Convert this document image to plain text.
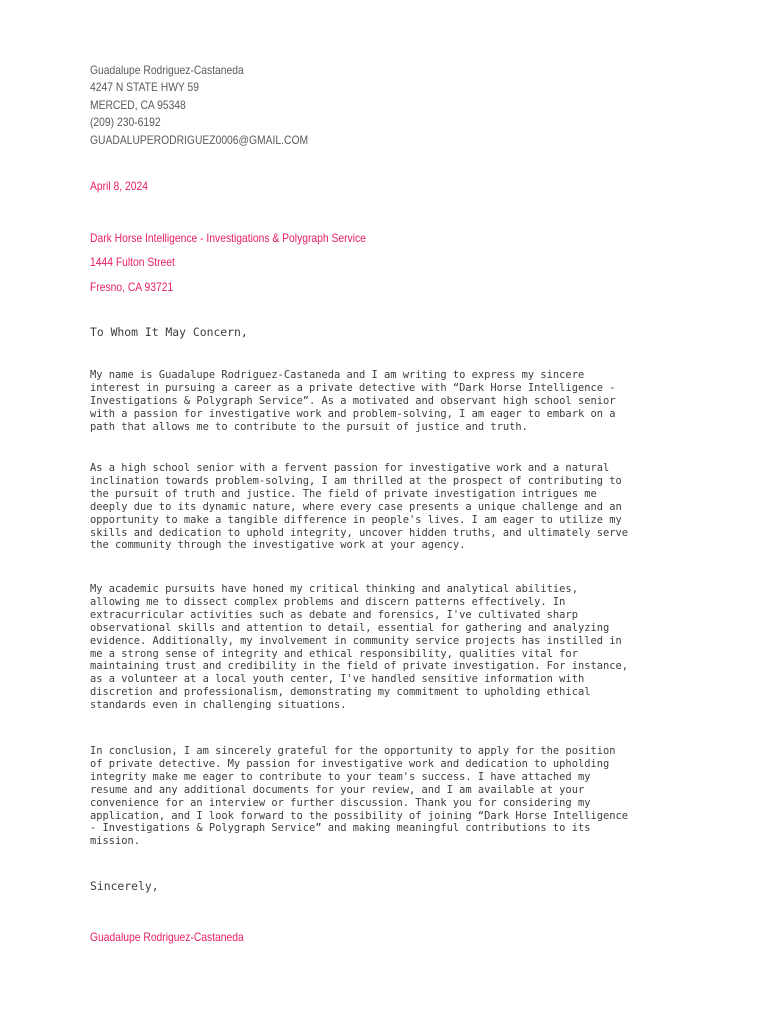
Guadalupe Rodriguez-Castaneda
4247 N STATE HWY 59
MERCED, CA 95348
(209) 230-6192
GUADALUPERODRIGUEZ0006@GMAIL.COM
April 8, 2024
Dark Horse Intelligence - Investigations & Polygraph Service
1444 Fulton Street
Fresno, CA 93721
To Whom It May Concern,
My name is Guadalupe Rodriguez-Castaneda and I am writing to express my sincere
interest in pursuing a career as a private detective with “Dark Horse Intelligence -
Investigations & Polygraph Service”. As a motivated and observant high school senior
with a passion for investigative work and problem-solving, I am eager to embark on a
path that allows me to contribute to the pursuit of justice and truth.
As a high school senior with a fervent passion for investigative work and a natural
inclination towards problem-solving, I am thrilled at the prospect of contributing to
the pursuit of truth and justice. The field of private investigation intrigues me
deeply due to its dynamic nature, where every case presents a unique challenge and an
opportunity to make a tangible difference in people's lives. I am eager to utilize my
skills and dedication to uphold integrity, uncover hidden truths, and ultimately serve
the community through the investigative work at your agency.
My academic pursuits have honed my critical thinking and analytical abilities,
allowing me to dissect complex problems and discern patterns effectively. In
extracurricular activities such as debate and forensics, I've cultivated sharp
observational skills and attention to detail, essential for gathering and analyzing
evidence. Additionally, my involvement in community service projects has instilled in
me a strong sense of integrity and ethical responsibility, qualities vital for
maintaining trust and credibility in the field of private investigation. For instance,
as a volunteer at a local youth center, I've handled sensitive information with
discretion and professionalism, demonstrating my commitment to upholding ethical
standards even in challenging situations.
In conclusion, I am sincerely grateful for the opportunity to apply for the position
of private detective. My passion for investigative work and dedication to upholding
integrity make me eager to contribute to your team's success. I have attached my
resume and any additional documents for your review, and I am available at your
convenience for an interview or further discussion. Thank you for considering my
application, and I look forward to the possibility of joining “Dark Horse Intelligence
- Investigations & Polygraph Service” and making meaningful contributions to its
mission.
Sincerely,
Guadalupe Rodriguez-Castaneda
